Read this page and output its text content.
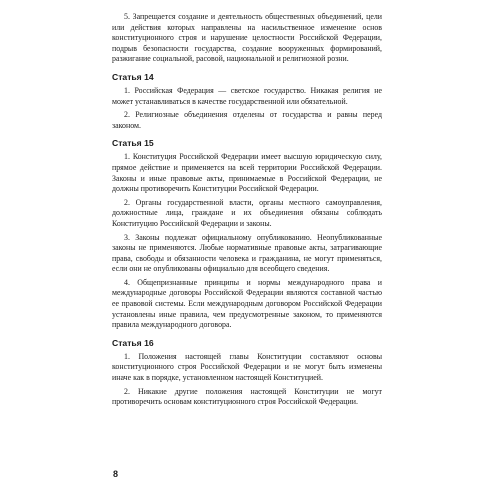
5. Запрещается создание и деятельность общественных объединений, цели или действия которых направлены на насильственное изменение основ конституционного строя и нарушение целостности Российской Федерации, подрыв безопасности государства, создание вооруженных формирований, разжигание социальной, расовой, национальной и религиозной розни.

Статья 14

1. Российская Федерация — светское государство. Никакая религия не может устанавливаться в качестве государственной или обязательной.

2. Религиозные объединения отделены от государства и равны перед законом.

Статья 15

1. Конституция Российской Федерации имеет высшую юридическую силу, прямое действие и применяется на всей территории Российской Федерации. Законы и иные правовые акты, принимаемые в Российской Федерации, не должны противоречить Конституции Российской Федерации.

2. Органы государственной власти, органы местного самоуправления, должностные лица, граждане и их объединения обязаны соблюдать Конституцию Российской Федерации и законы.

3. Законы подлежат официальному опубликованию. Неопубликованные законы не применяются. Любые нормативные правовые акты, затрагивающие права, свободы и обязанности человека и гражданина, не могут применяться, если они не опубликованы официально для всеобщего сведения.

4. Общепризнанные принципы и нормы международного права и международные договоры Российской Федерации являются составной частью ее правовой системы. Если международным договором Российской Федерации установлены иные правила, чем предусмотренные законом, то применяются правила международного договора.

Статья 16

1. Положения настоящей главы Конституции составляют основы конституционного строя Российской Федерации и не могут быть изменены иначе как в порядке, установленном настоящей Конституцией.

2. Никакие другие положения настоящей Конституции не могут противоречить основам конституционного строя Российской Федерации.

8
